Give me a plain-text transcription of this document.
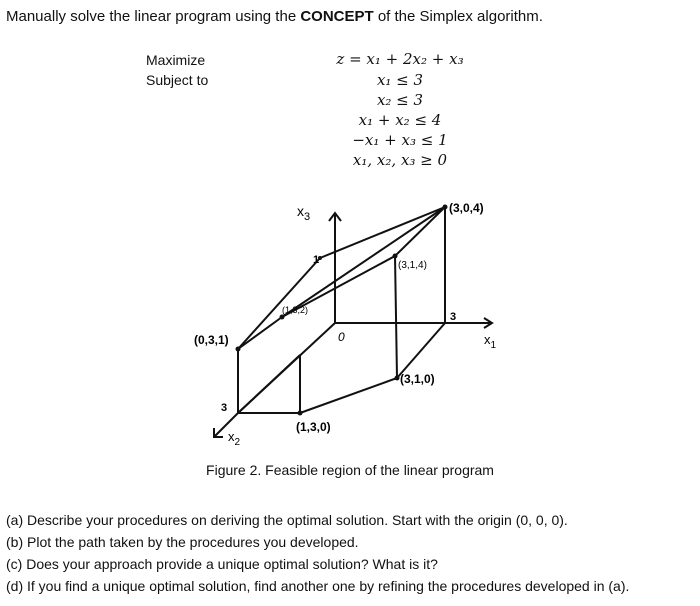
Manually solve the linear program using the CONCEPT of the Simplex algorithm.
Maximize
Subject to
z = x₁ + 2x₂ + x₃
x₁ ≤ 3
x₂ ≤ 3
x₁ + x₂ ≤ 4
−x₁ + x₃ ≤ 1
x₁, x₂, x₃ ≥ 0
$x_3$
$x_1$
$x_2$
1
3
3
0
(3,0,4)
(3,1,4)
(1,3,2)
(0,3,1)
(3,1,0)
(1,3,0)
Figure 2. Feasible region of the linear program
(a) Describe your procedures on deriving the optimal solution. Start with the origin (0, 0, 0).
(b) Plot the path taken by the procedures you developed.
(c) Does your approach provide a unique optimal solution? What is it?
(d) If you find a unique optimal solution, find another one by refining the procedures developed in (a).
